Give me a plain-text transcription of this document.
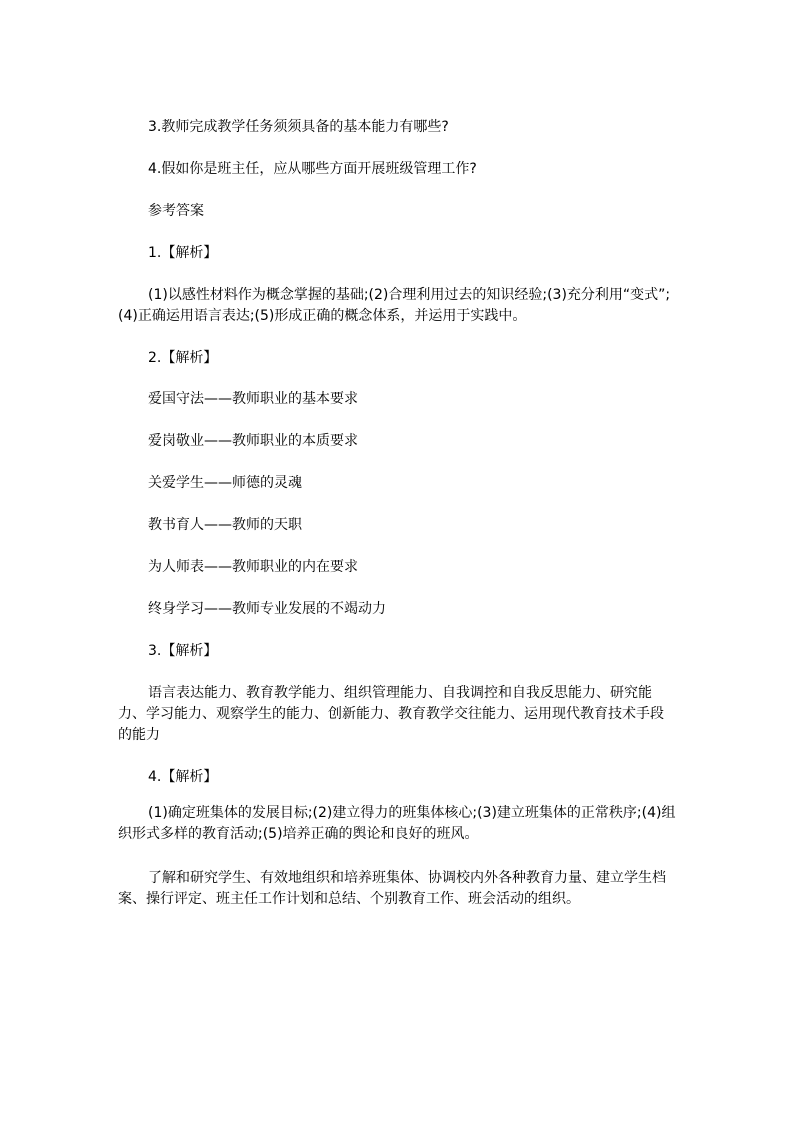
3.教师完成教学任务须须具备的基本能力有哪些?

4.假如你是班主任，应从哪些方面开展班级管理工作?

参考答案

1.【解析】

(1)以感性材料作为概念掌握的基础;(2)合理利用过去的知识经验;(3)充分利用“变式”;(4)正确运用语言表达;(5)形成正确的概念体系，并运用于实践中。

2.【解析】

爱国守法——教师职业的基本要求

爱岗敬业——教师职业的本质要求

关爱学生——师德的灵魂

教书育人——教师的天职

为人师表——教师职业的内在要求

终身学习——教师专业发展的不竭动力

3.【解析】

语言表达能力、教育教学能力、组织管理能力、自我调控和自我反思能力、研究能力、学习能力、观察学生的能力、创新能力、教育教学交往能力、运用现代教育技术手段的能力

4.【解析】

(1)确定班集体的发展目标;(2)建立得力的班集体核心;(3)建立班集体的正常秩序;(4)组织形式多样的教育活动;(5)培养正确的舆论和良好的班风。

了解和研究学生、有效地组织和培养班集体、协调校内外各种教育力量、建立学生档案、操行评定、班主任工作计划和总结、个别教育工作、班会活动的组织。
